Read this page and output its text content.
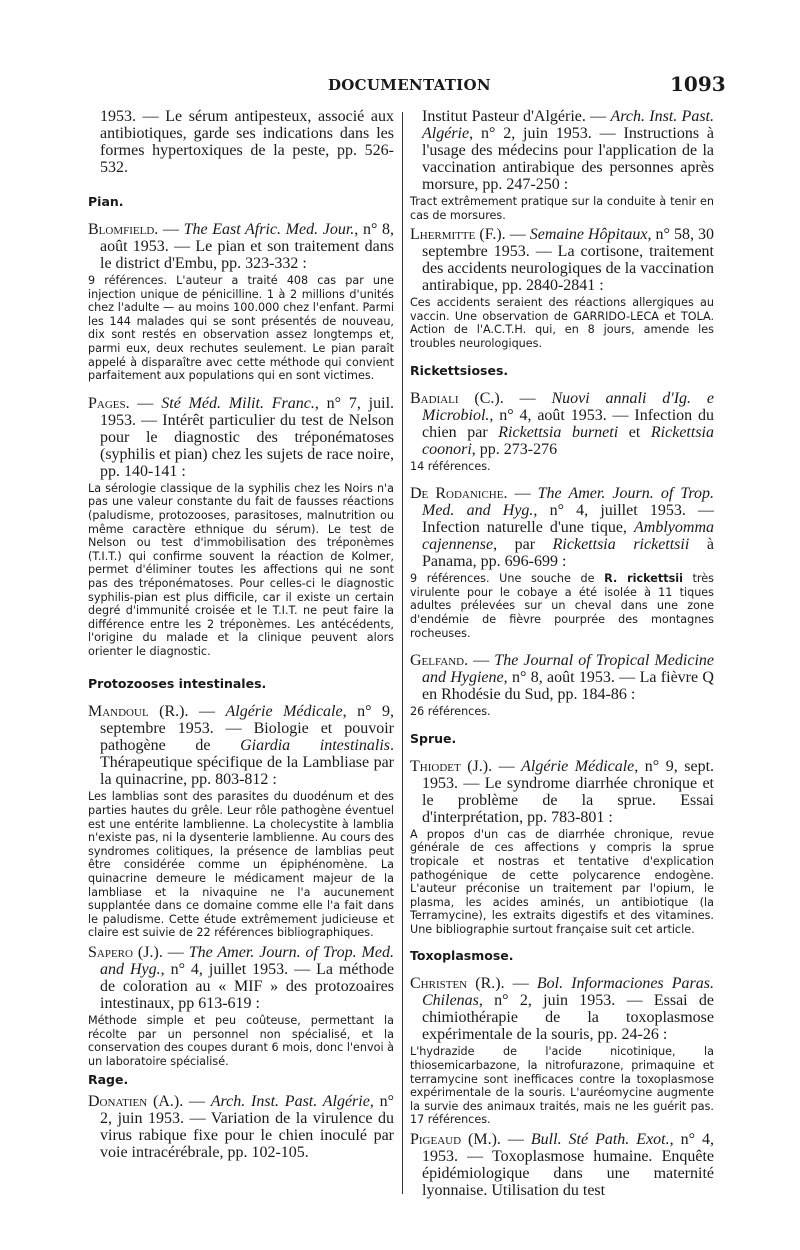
DOCUMENTATION	1093

1953. — Le sérum antipesteux, associé aux antibiotiques, garde ses indications dans les formes hypertoxiques de la peste, pp. 526-532.

Pian.

Blomfield. — The East Afric. Med. Jour., n° 8, août 1953. — Le pian et son traitement dans le district d'Embu, pp. 323-332 :

9 références. L'auteur a traité 408 cas par une injection unique de pénicilline. 1 à 2 millions d'unités chez l'adulte — au moins 100.000 chez l'enfant. Parmi les 144 malades qui se sont présentés de nouveau, dix sont restés en observation assez longtemps et, parmi eux, deux rechutes seulement. Le pian paraît appelé à disparaître avec cette méthode qui convient parfaitement aux populations qui en sont victimes.

Pages. — Sté Méd. Milit. Franc., n° 7, juil. 1953. — Intérêt particulier du test de Nelson pour le diagnostic des tréponématoses (syphilis et pian) chez les sujets de race noire, pp. 140-141 :

La sérologie classique de la syphilis chez les Noirs n'a pas une valeur constante du fait de fausses réactions (paludisme, protozooses, parasitoses, malnutrition ou même caractère ethnique du sérum). Le test de Nelson ou test d'immobilisation des tréponèmes (T.I.T.) qui confirme souvent la réaction de Kolmer, permet d'éliminer toutes les affections qui ne sont pas des tréponématoses. Pour celles-ci le diagnostic syphilis-pian est plus difficile, car il existe un certain degré d'immunité croisée et le T.I.T. ne peut faire la différence entre les 2 tréponèmes. Les antécédents, l'origine du malade et la clinique peuvent alors orienter le diagnostic.

Protozooses intestinales.

Mandoul (R.). — Algérie Médicale, n° 9, septembre 1953. — Biologie et pouvoir pathogène de Giardia intestinalis. Thérapeutique spécifique de la Lambliase par la quinacrine, pp. 803-812 :

Les lamblias sont des parasites du duodénum et des parties hautes du grêle. Leur rôle pathogène éventuel est une entérite lamblienne. La cholecystite à lamblia n'existe pas, ni la dysenterie lamblienne. Au cours des syndromes colitiques, la présence de lamblias peut être considérée comme un épiphénomène. La quinacrine demeure le médicament majeur de la lambliase et la nivaquine ne l'a aucunement supplantée dans ce domaine comme elle l'a fait dans le paludisme. Cette étude extrêmement judicieuse et claire est suivie de 22 références bibliographiques.

Sapero (J.). — The Amer. Journ. of Trop. Med. and Hyg., n° 4, juillet 1953. — La méthode de coloration au « MIF » des protozoaires intestinaux, pp 613-619 :

Méthode simple et peu coûteuse, permettant la récolte par un personnel non spécialisé, et la conservation des coupes durant 6 mois, donc l'envoi à un laboratoire spécialisé.

Rage.

Donatien (A.). — Arch. Inst. Past. Algérie, n° 2, juin 1953. — Variation de la virulence du virus rabique fixe pour le chien inoculé par voie intracérébrale, pp. 102-105.

Institut Pasteur d'Algérie. — Arch. Inst. Past. Algérie, n° 2, juin 1953. — Instructions à l'usage des médecins pour l'application de la vaccination antirabique des personnes après morsure, pp. 247-250 :

Tract extrêmement pratique sur la conduite à tenir en cas de morsures.

Lhermitte (F.). — Semaine Hôpitaux, n° 58, 30 septembre 1953. — La cortisone, traitement des accidents neurologiques de la vaccination antirabique, pp. 2840-2841 :

Ces accidents seraient des réactions allergiques au vaccin. Une observation de GARRIDO-LECA et TOLA. Action de l'A.C.T.H. qui, en 8 jours, amende les troubles neurologiques.

Rickettsioses.

Badiali (C.). — Nuovi annali d'Ig. e Microbiol., n° 4, août 1953. — Infection du chien par Rickettsia burneti et Rickettsia coonori, pp. 273-276

14 références.

De Rodaniche. — The Amer. Journ. of Trop. Med. and Hyg., n° 4, juillet 1953. — Infection naturelle d'une tique, Amblyomma cajennense, par Rickettsia rickettsii à Panama, pp. 696-699 :

9 références. Une souche de R. rickettsii très virulente pour le cobaye a été isolée à 11 tiques adultes prélevées sur un cheval dans une zone d'endémie de fièvre pourprée des montagnes rocheuses.

Gelfand. — The Journal of Tropical Medicine and Hygiene, n° 8, août 1953. — La fièvre Q en Rhodésie du Sud, pp. 184-86 :

26 références.

Sprue.

Thiodet (J.). — Algérie Médicale, n° 9, sept. 1953. — Le syndrome diarrhée chronique et le problème de la sprue. Essai d'interprétation, pp. 783-801 :

A propos d'un cas de diarrhée chronique, revue générale de ces affections y compris la sprue tropicale et nostras et tentative d'explication pathogénique de cette polycarence endogène. L'auteur préconise un traitement par l'opium, le plasma, les acides aminés, un antibiotique (la Terramycine), les extraits digestifs et des vitamines. Une bibliographie surtout française suit cet article.

Toxoplasmose.

Christen (R.). — Bol. Informaciones Paras. Chilenas, n° 2, juin 1953. — Essai de chimiothérapie de la toxoplasmose expérimentale de la souris, pp. 24-26 :

L'hydrazide de l'acide nicotinique, la thiosemicarbazone, la nitrofurazone, primaquine et terramycine sont inefficaces contre la toxoplasmose expérimentale de la souris. L'auréomycine augmente la survie des animaux traités, mais ne les guérit pas. 17 références.

Pigeaud (M.). — Bull. Sté Path. Exot., n° 4, 1953. — Toxoplasmose humaine. Enquête épidémiologique dans une maternité lyonnaise. Utilisation du test
